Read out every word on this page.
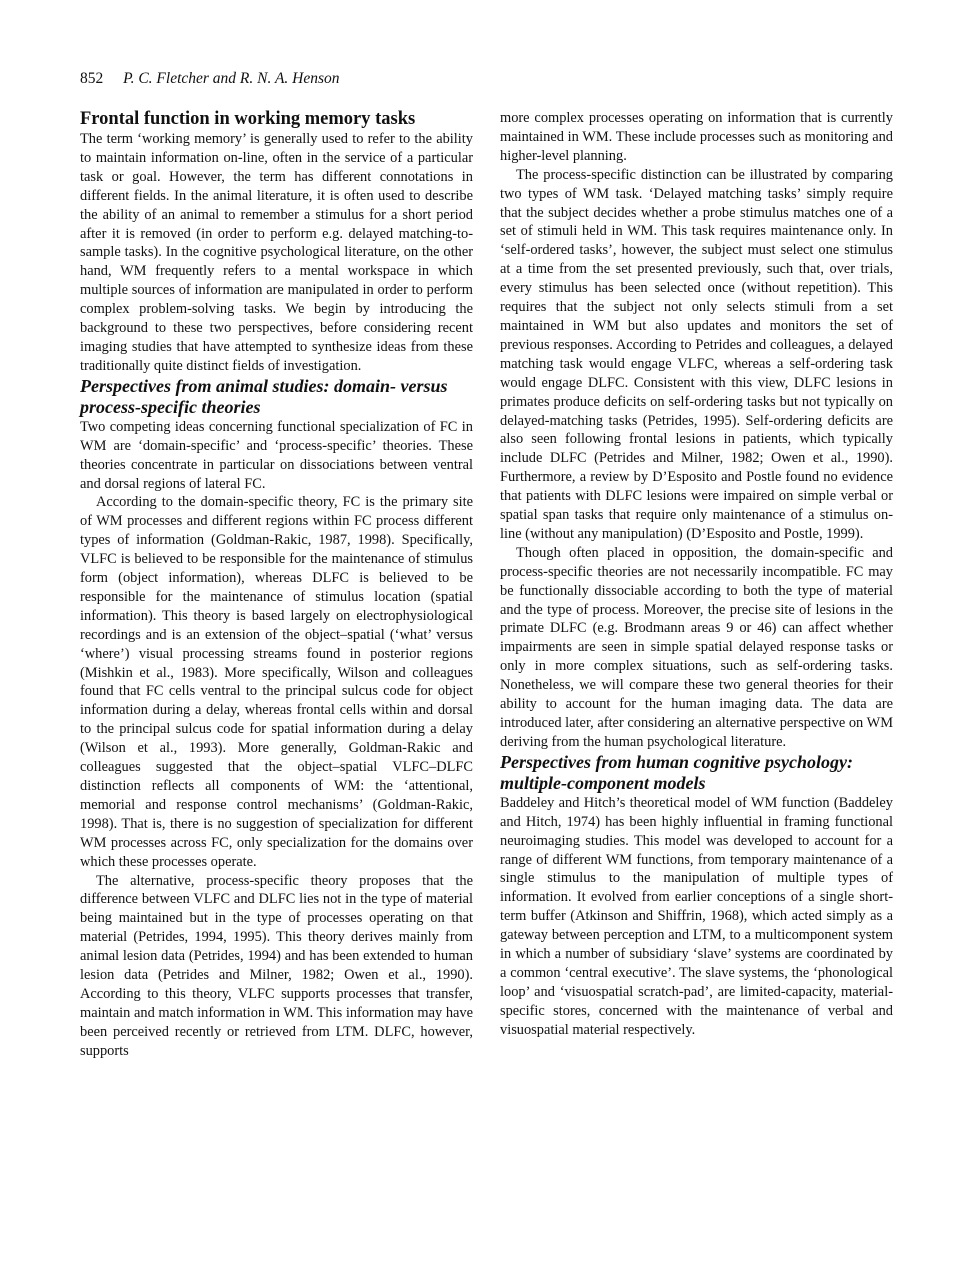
852 P. C. Fletcher and R. N. A. Henson
Frontal function in working memory tasks

The term ‘working memory’ is generally used to refer to the ability to maintain information on-line, often in the service of a particular task or goal. However, the term has different connotations in different fields. In the animal literature, it is often used to describe the ability of an animal to remember a stimulus for a short period after it is removed (in order to perform e.g. delayed matching-to-sample tasks). In the cognitive psychological literature, on the other hand, WM frequently refers to a mental workspace in which multiple sources of information are manipulated in order to perform complex problem-solving tasks. We begin by introducing the background to these two perspectives, before considering recent imaging studies that have attempted to synthesize ideas from these traditionally quite distinct fields of investigation.

Perspectives from animal studies: domain- versus process-specific theories

Two competing ideas concerning functional specialization of FC in WM are ‘domain-specific’ and ‘process-specific’ theories. These theories concentrate in particular on dissociations between ventral and dorsal regions of lateral FC.

According to the domain-specific theory, FC is the primary site of WM processes and different regions within FC process different types of information (Goldman-Rakic, 1987, 1998). Specifically, VLFC is believed to be responsible for the maintenance of stimulus form (object information), whereas DLFC is believed to be responsible for the maintenance of stimulus location (spatial information). This theory is based largely on electrophysiological recordings and is an extension of the object–spatial (‘what’ versus ‘where’) visual processing streams found in posterior regions (Mishkin et al., 1983). More specifically, Wilson and colleagues found that FC cells ventral to the principal sulcus code for object information during a delay, whereas frontal cells within and dorsal to the principal sulcus code for spatial information during a delay (Wilson et al., 1993). More generally, Goldman-Rakic and colleagues suggested that the object–spatial VLFC–DLFC distinction reflects all components of WM: the ‘attentional, memorial and response control mechanisms’ (Goldman-Rakic, 1998). That is, there is no suggestion of specialization for different WM processes across FC, only specialization for the domains over which these processes operate.

The alternative, process-specific theory proposes that the difference between VLFC and DLFC lies not in the type of material being maintained but in the type of processes operating on that material (Petrides, 1994, 1995). This theory derives mainly from animal lesion data (Petrides, 1994) and has been extended to human lesion data (Petrides and Milner, 1982; Owen et al., 1990). According to this theory, VLFC supports processes that transfer, maintain and match information in WM. This information may have been perceived recently or retrieved from LTM. DLFC, however, supports

more complex processes operating on information that is currently maintained in WM. These include processes such as monitoring and higher-level planning.

The process-specific distinction can be illustrated by comparing two types of WM task. ‘Delayed matching tasks’ simply require that the subject decides whether a probe stimulus matches one of a set of stimuli held in WM. This task requires maintenance only. In ‘self-ordered tasks’, however, the subject must select one stimulus at a time from the set presented previously, such that, over trials, every stimulus has been selected once (without repetition). This requires that the subject not only selects stimuli from a set maintained in WM but also updates and monitors the set of previous responses. According to Petrides and colleagues, a delayed matching task would engage VLFC, whereas a self-ordering task would engage DLFC. Consistent with this view, DLFC lesions in primates produce deficits on self-ordering tasks but not typically on delayed-matching tasks (Petrides, 1995). Self-ordering deficits are also seen following frontal lesions in patients, which typically include DLFC (Petrides and Milner, 1982; Owen et al., 1990). Furthermore, a review by D’Esposito and Postle found no evidence that patients with DLFC lesions were impaired on simple verbal or spatial span tasks that require only maintenance of a stimulus on-line (without any manipulation) (D’Esposito and Postle, 1999).

Though often placed in opposition, the domain-specific and process-specific theories are not necessarily incompatible. FC may be functionally dissociable according to both the type of material and the type of process. Moreover, the precise site of lesions in the primate DLFC (e.g. Brodmann areas 9 or 46) can affect whether impairments are seen in simple spatial delayed response tasks or only in more complex situations, such as self-ordering tasks. Nonetheless, we will compare these two general theories for their ability to account for the human imaging data. The data are introduced later, after considering an alternative perspective on WM deriving from the human psychological literature.

Perspectives from human cognitive psychology: multiple-component models

Baddeley and Hitch’s theoretical model of WM function (Baddeley and Hitch, 1974) has been highly influential in framing functional neuroimaging studies. This model was developed to account for a range of different WM functions, from temporary maintenance of a single stimulus to the manipulation of multiple types of information. It evolved from earlier conceptions of a single short-term buffer (Atkinson and Shiffrin, 1968), which acted simply as a gateway between perception and LTM, to a multicomponent system in which a number of subsidiary ‘slave’ systems are coordinated by a common ‘central executive’. The slave systems, the ‘phonological loop’ and ‘visuospatial scratch-pad’, are limited-capacity, material-specific stores, concerned with the maintenance of verbal and visuospatial material respectively.
